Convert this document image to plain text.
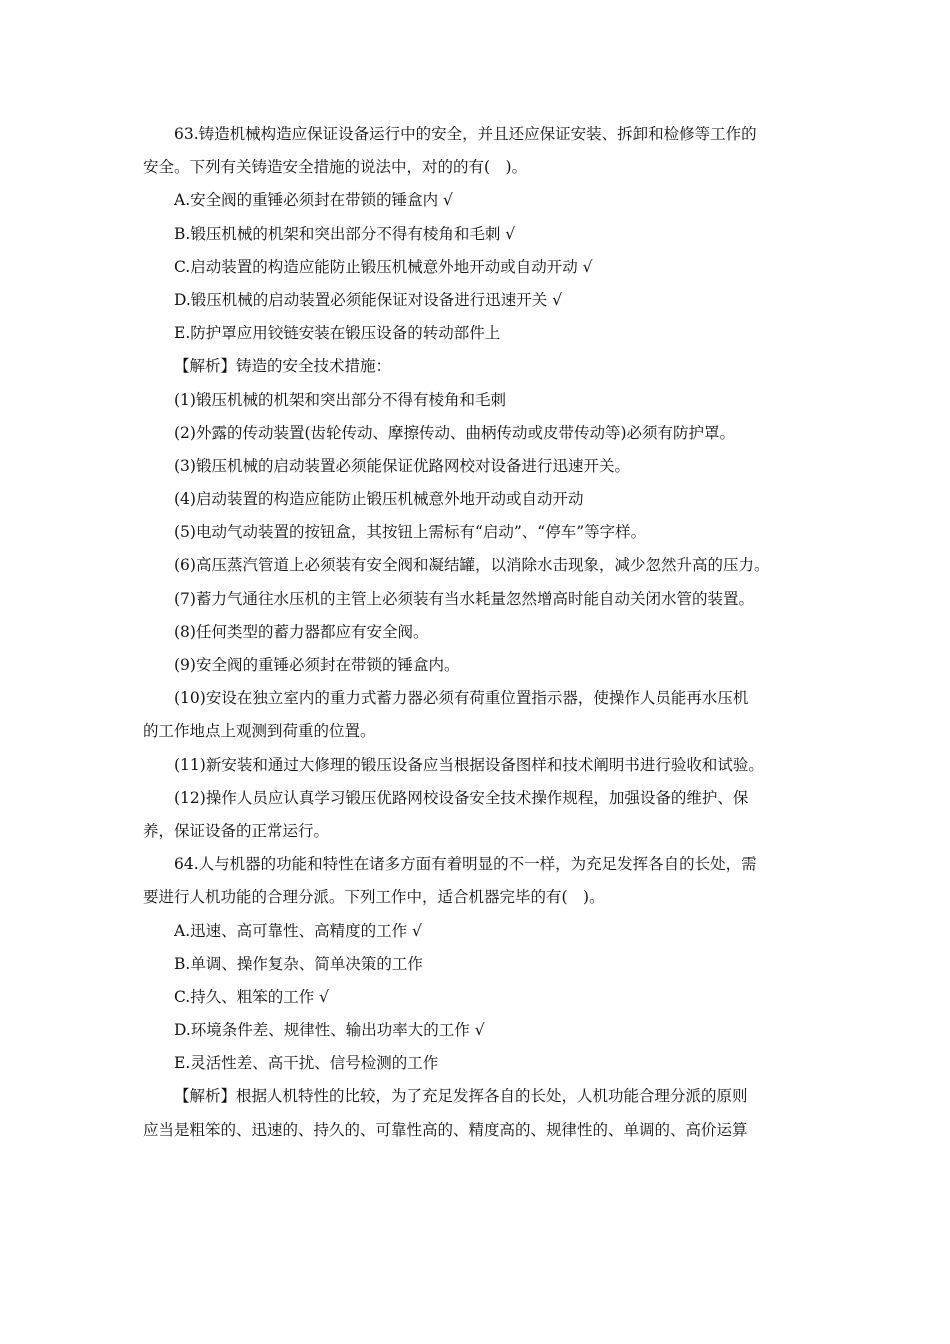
63.铸造机械构造应保证设备运行中的安全，并且还应保证安装、拆卸和检修等工作的
安全。下列有关铸造安全措施的说法中，对的的有(　)。
A.安全阀的重锤必须封在带锁的锤盒内 √
B.锻压机械的机架和突出部分不得有棱角和毛刺 √
C.启动装置的构造应能防止锻压机械意外地开动或自动开动 √
D.锻压机械的启动装置必须能保证对设备进行迅速开关 √
E.防护罩应用铰链安装在锻压设备的转动部件上
【解析】铸造的安全技术措施：
(1)锻压机械的机架和突出部分不得有棱角和毛刺
(2)外露的传动装置(齿轮传动、摩擦传动、曲柄传动或皮带传动等)必须有防护罩。
(3)锻压机械的启动装置必须能保证优路网校对设备进行迅速开关。
(4)启动装置的构造应能防止锻压机械意外地开动或自动开动
(5)电动气动装置的按钮盒，其按钮上需标有“启动”、“停车”等字样。
(6)高压蒸汽管道上必须装有安全阀和凝结罐，以消除水击现象，减少忽然升高的压力。
(7)蓄力气通往水压机的主管上必须装有当水耗量忽然增高时能自动关闭水管的装置。
(8)任何类型的蓄力器都应有安全阀。
(9)安全阀的重锤必须封在带锁的锤盒内。
(10)安设在独立室内的重力式蓄力器必须有荷重位置指示器，使操作人员能再水压机
的工作地点上观测到荷重的位置。
(11)新安装和通过大修理的锻压设备应当根据设备图样和技术阐明书进行验收和试验。
(12)操作人员应认真学习锻压优路网校设备安全技术操作规程，加强设备的维护、保
养，保证设备的正常运行。
64.人与机器的功能和特性在诸多方面有着明显的不一样，为充足发挥各自的长处，需
要进行人机功能的合理分派。下列工作中，适合机器完毕的有(　)。
A.迅速、高可靠性、高精度的工作 √
B.单调、操作复杂、简单决策的工作
C.持久、粗笨的工作 √
D.环境条件差、规律性、输出功率大的工作 √
E.灵活性差、高干扰、信号检测的工作
【解析】根据人机特性的比较，为了充足发挥各自的长处，人机功能合理分派的原则
应当是粗笨的、迅速的、持久的、可靠性高的、精度高的、规律性的、单调的、高价运算
